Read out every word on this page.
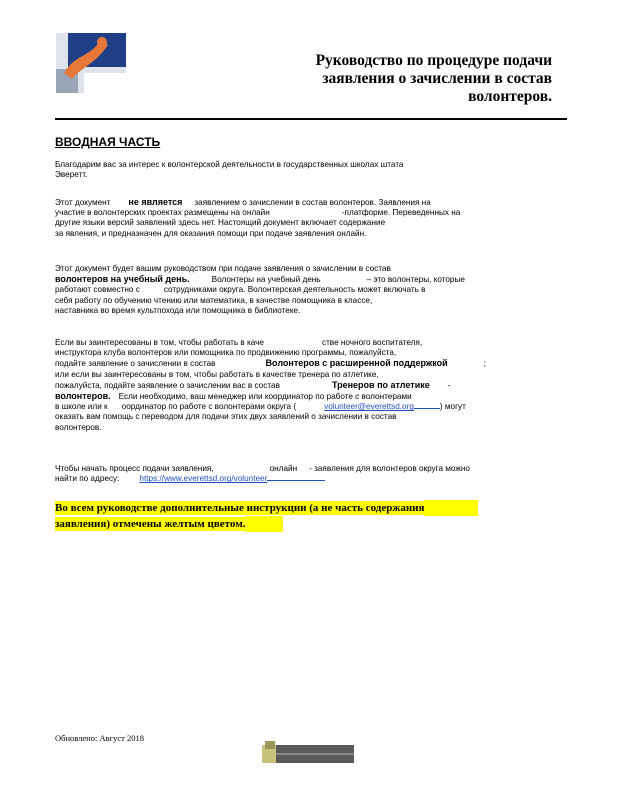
Руководство по процедуре подачи
заявления о зачислении в состав
волонтеров.
ВВОДНАЯ ЧАСТЬ

Благодарим вас за интерес к волонтерской деятельности в государственных школах штата
Эверетт.

Этот документ не является заявлением о зачислении в состав волонтеров. Заявления на
участие в волонтерских проектах размещены на онлайн	-платформе. Переведенных на
другие языки версий заявлений здесь нет. Настоящий документ включает содержание
за явления, и предназначен для оказания помощи при подаче заявления онлайн.

Этот документ будет вашим руководством при подаче заявления о зачислении в состав
волонтеров на учебный день.	Волонтеры на учебный день	– это волонтеры, которые
работают совместно с	сотрудниками округа. Волонтерская деятельность может включать в
себя работу по обучению чтению или математика, в качестве помощника в классе,
наставника во время культпохода или помощника в библиотеке.

Если вы заинтересованы в том, чтобы работать в каче	стве ночного воспитателя,
инструктора клуба волонтеров или помощника по продвижению программы, пожалуйста,
подайте заявление о зачислении в состав	Волонтеров с расширенной поддержкой	;
или если вы заинтересованы в том, чтобы работать в качестве тренера по атлетике,
пожалуйста, подайте заявление о зачислении вас в состав	Тренеров по атлетике -
волонтеров. Если необходимо, ваш менеджер или координатор по работе с волонтерами
в школе или к оординатор по работе с волонтерами округа (	volunteer@everettsd.org	) могут
оказать вам помощь с переводом для подачи этих двух заявлений о зачислении в состав
волонтеров.

Чтобы начать процесс подачи заявления,	онлайн - заявления для волонтеров округа можно
найти по адресу: https://www.everettsd.org/volunteer

Во всем руководстве дополнительные инструкции (а не часть содержания
заявления) отмечены желтым цветом.

Обновлено: Август 2018
